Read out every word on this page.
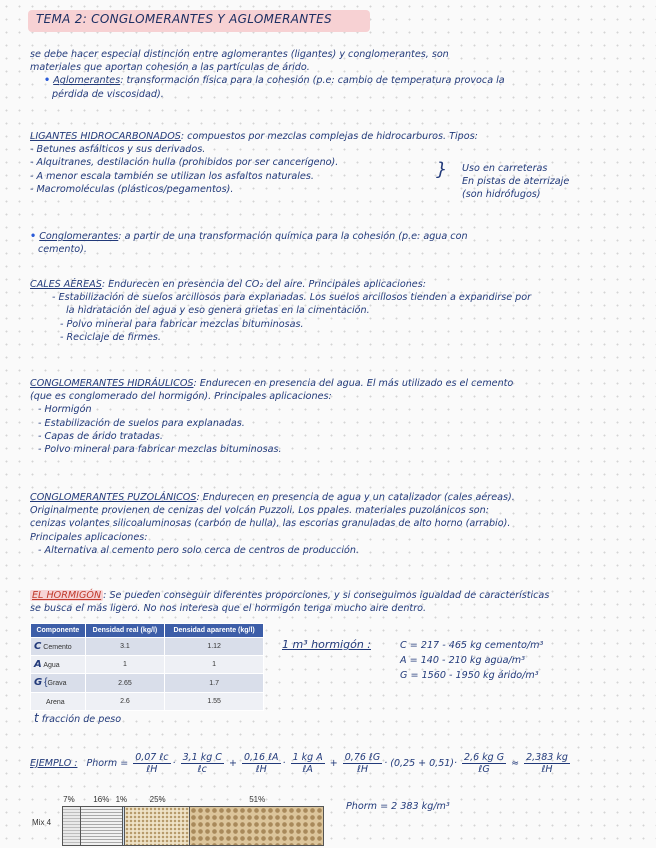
TEMA 2: CONGLOMERANTES Y AGLOMERANTES
se debe hacer especial distinción entre aglomerantes (ligantes) y conglomerantes, son
materiales que aportan cohesión a las partículas de árido.
• Aglomerantes: transformación física para la cohesión (p.e: cambio de temperatura provoca la
pérdida de viscosidad).
LIGANTES HIDROCARBONADOS: compuestos por mezclas complejas de hidrocarburos. Tipos:
- Betunes asfálticos y sus derivados.
- Alquitranes, destilación hulla (prohibidos por ser cancerígeno).
- A menor escala también se utilizan los asfaltos naturales.
- Macromoléculas (plásticos/pegamentos).
} Uso en carreteras
En pistas de aterrizaje
(son hidrófugos)
• Conglomerantes: a partir de una transformación química para la cohesión (p.e: agua con
cemento).
CALES AÉREAS: Endurecen en presencia del CO₂ del aire. Principales aplicaciones:
- Estabilización de suelos arcillosos para explanadas. Los suelos arcillosos tienden a expandirse por
la hidratación del agua y eso genera grietas en la cimentación.
- Polvo mineral para fabricar mezclas bituminosas.
- Reciclaje de firmes.
CONGLOMERANTES HIDRÁULICOS: Endurecen en presencia del agua. El más utilizado es el cemento
(que es conglomerado del hormigón). Principales aplicaciones:
- Hormigón
- Estabilización de suelos para explanadas.
- Capas de árido tratadas.
- Polvo mineral para fabricar mezclas bituminosas.
CONGLOMERANTES PUZOLÁNICOS: Endurecen en presencia de agua y un catalizador (cales aéreas).
Originalmente provienen de cenizas del volcán Puzzoli. Los ppales. materiales puzolánicos son:
cenizas volantes silicoaluminosas (carbón de hulla), las escorias granuladas de alto horno (arrabio).
Principales aplicaciones:
- Alternativa al cemento pero solo cerca de centros de producción.
EL HORMIGÓN : Se pueden conseguir diferentes proporciones, y si conseguimos igualdad de características
se busca el más ligero. No nos interesa que el hormigón tenga mucho aire dentro.
Componente	Densidad real (kg/l)	Densidad aparente (kg/l)
C Cemento	3.1	1.12
A Agua	1	1
G {Grava	2.65	1.7
Arena	2.6	1.55
t fracción de peso
1 m³ hormigón :	C = 217 - 465 kg cemento/m³
A = 140 - 210 kg agua/m³
G = 1560 - 1950 kg árido/m³
EJEMPLO : Phorm = $\frac{\text{0,07 ℓc}}{\text{ℓH}} \cdot \frac{\text{3,1 kg C}}{\text{ℓc}} + \frac{\text{0,16 ℓA}}{\text{ℓH}} \cdot \frac{\text{1 kg A}}{\text{ℓA}} + \frac{\text{0,76 ℓG}}{\text{ℓH}} \cdot (0,25 + 0,51)\cdot \frac{\text{2,6 kg G}}{\text{ℓG}} \approx \frac{2,383 kg}{\text{ℓH}}$
7% 16% 1%	25%	51%
Mix 4
Phorm = 2 383 kg/m³
